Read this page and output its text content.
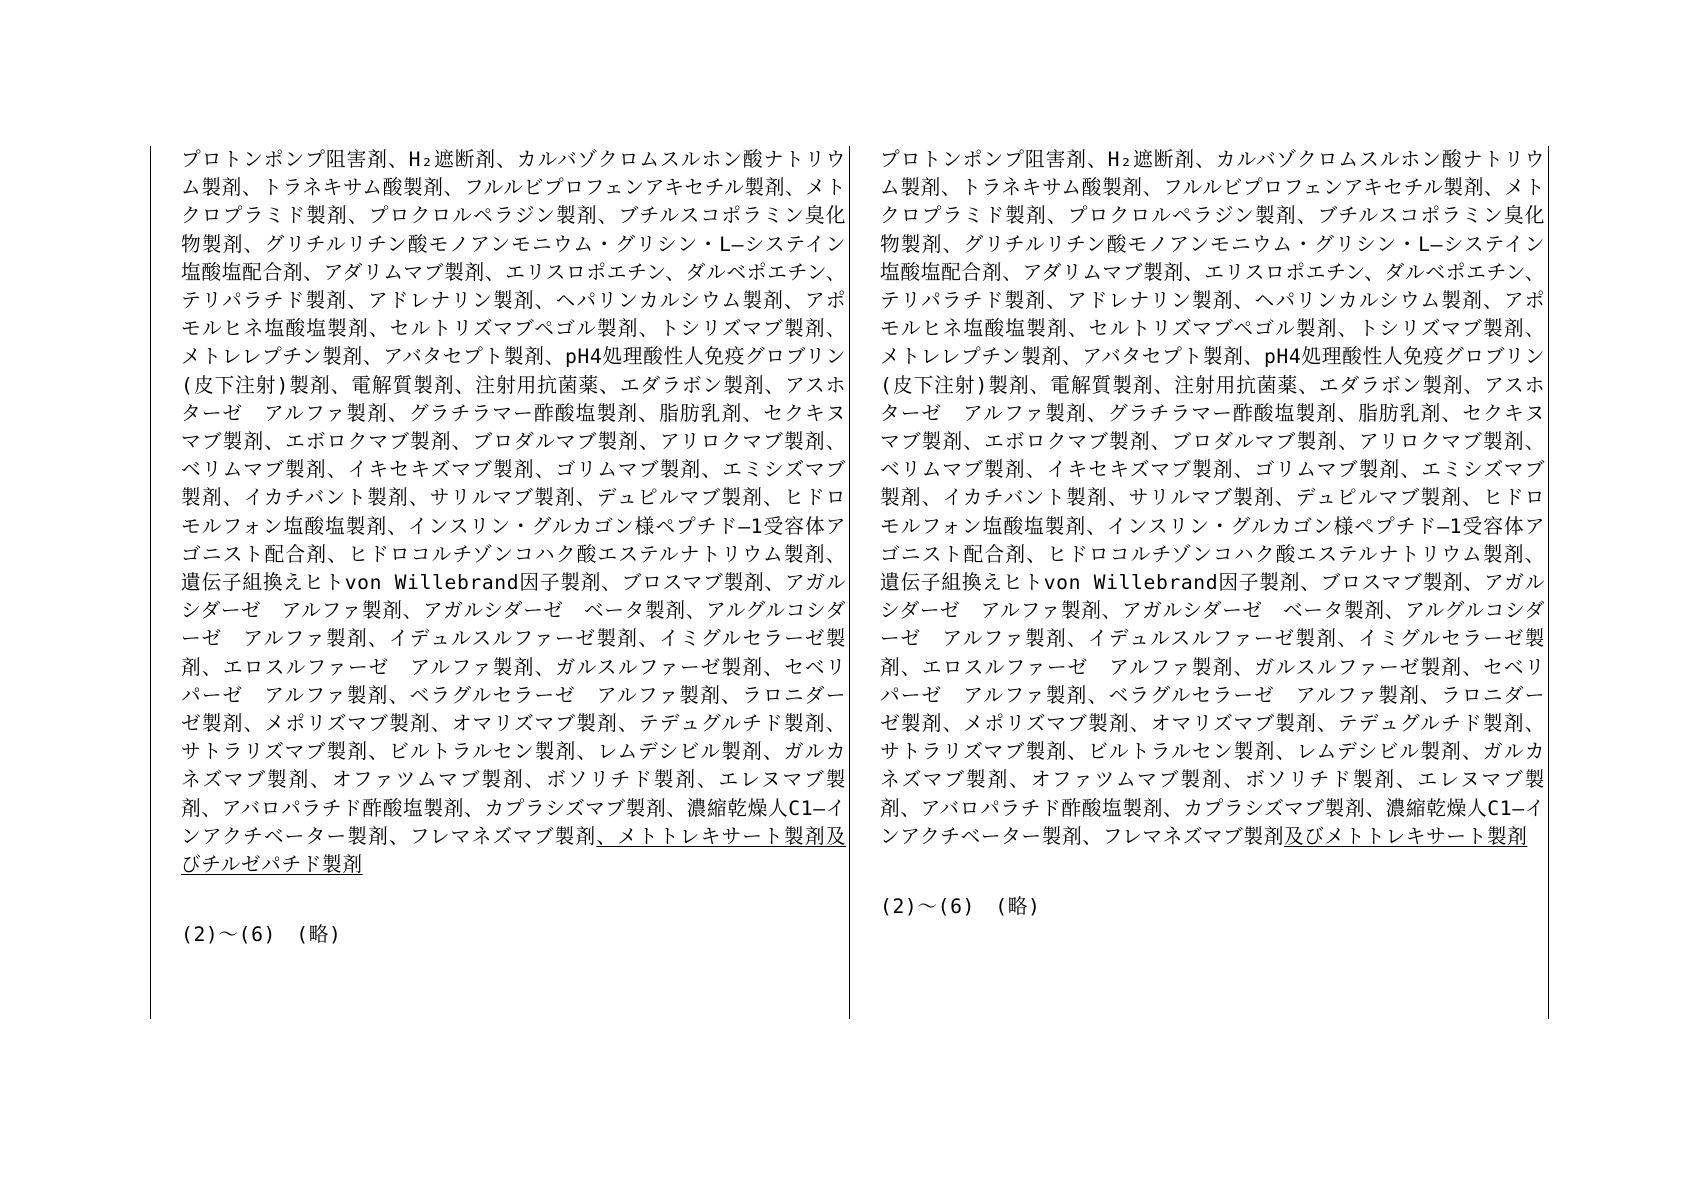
プロトンポンプ阻害剤、H₂遮断剤、カルバゾクロムスルホン酸ナトリウム製剤、トラネキサム酸製剤、フルルビプロフェンアキセチル製剤、メトクロプラミド製剤、プロクロルペラジン製剤、ブチルスコポラミン臭化物製剤、グリチルリチン酸モノアンモニウム・グリシン・L―システイン塩酸塩配合剤、アダリムマブ製剤、エリスロポエチン、ダルベポエチン、テリパラチド製剤、アドレナリン製剤、ヘパリンカルシウム製剤、アポモルヒネ塩酸塩製剤、セルトリズマブペゴル製剤、トシリズマブ製剤、メトレレプチン製剤、アバタセプト製剤、pH4処理酸性人免疫グロブリン(皮下注射)製剤、電解質製剤、注射用抗菌薬、エダラボン製剤、アスホターゼ　アルファ製剤、グラチラマー酢酸塩製剤、脂肪乳剤、セクキヌマブ製剤、エボロクマブ製剤、ブロダルマブ製剤、アリロクマブ製剤、ベリムマブ製剤、イキセキズマブ製剤、ゴリムマブ製剤、エミシズマブ製剤、イカチバント製剤、サリルマブ製剤、デュピルマブ製剤、ヒドロモルフォン塩酸塩製剤、インスリン・グルカゴン様ペプチド―1受容体アゴニスト配合剤、ヒドロコルチゾンコハク酸エステルナトリウム製剤、遺伝子組換えヒトvon Willebrand因子製剤、ブロスマブ製剤、アガルシダーゼ　アルファ製剤、アガルシダーゼ　ベータ製剤、アルグルコシダーゼ　アルファ製剤、イデュルスルファーゼ製剤、イミグルセラーゼ製剤、エロスルファーゼ　アルファ製剤、ガルスルファーゼ製剤、セベリパーゼ　アルファ製剤、ベラグルセラーゼ　アルファ製剤、ラロニダーゼ製剤、メポリズマブ製剤、オマリズマブ製剤、テデュグルチド製剤、サトラリズマブ製剤、ビルトラルセン製剤、レムデシビル製剤、ガルカネズマブ製剤、オファツムマブ製剤、ボソリチド製剤、エレヌマブ製剤、アバロパラチド酢酸塩製剤、カプラシズマブ製剤、濃縮乾燥人C1―インアクチベーター製剤、フレマネズマブ製剤、メトトレキサート製剤及びチルゼパチド製剤

(2)～(6)　(略)

プロトンポンプ阻害剤、H₂遮断剤、カルバゾクロムスルホン酸ナトリウム製剤、トラネキサム酸製剤、フルルビプロフェンアキセチル製剤、メトクロプラミド製剤、プロクロルペラジン製剤、ブチルスコポラミン臭化物製剤、グリチルリチン酸モノアンモニウム・グリシン・L―システイン塩酸塩配合剤、アダリムマブ製剤、エリスロポエチン、ダルベポエチン、テリパラチド製剤、アドレナリン製剤、ヘパリンカルシウム製剤、アポモルヒネ塩酸塩製剤、セルトリズマブペゴル製剤、トシリズマブ製剤、メトレレプチン製剤、アバタセプト製剤、pH4処理酸性人免疫グロブリン(皮下注射)製剤、電解質製剤、注射用抗菌薬、エダラボン製剤、アスホターゼ　アルファ製剤、グラチラマー酢酸塩製剤、脂肪乳剤、セクキヌマブ製剤、エボロクマブ製剤、ブロダルマブ製剤、アリロクマブ製剤、ベリムマブ製剤、イキセキズマブ製剤、ゴリムマブ製剤、エミシズマブ製剤、イカチバント製剤、サリルマブ製剤、デュピルマブ製剤、ヒドロモルフォン塩酸塩製剤、インスリン・グルカゴン様ペプチド―1受容体アゴニスト配合剤、ヒドロコルチゾンコハク酸エステルナトリウム製剤、遺伝子組換えヒトvon Willebrand因子製剤、ブロスマブ製剤、アガルシダーゼ　アルファ製剤、アガルシダーゼ　ベータ製剤、アルグルコシダーゼ　アルファ製剤、イデュルスルファーゼ製剤、イミグルセラーゼ製剤、エロスルファーゼ　アルファ製剤、ガルスルファーゼ製剤、セベリパーゼ　アルファ製剤、ベラグルセラーゼ　アルファ製剤、ラロニダーゼ製剤、メポリズマブ製剤、オマリズマブ製剤、テデュグルチド製剤、サトラリズマブ製剤、ビルトラルセン製剤、レムデシビル製剤、ガルカネズマブ製剤、オファツムマブ製剤、ボソリチド製剤、エレヌマブ製剤、アバロパラチド酢酸塩製剤、カプラシズマブ製剤、濃縮乾燥人C1―インアクチベーター製剤、フレマネズマブ製剤及びメトトレキサート製剤

(2)～(6)　(略)
